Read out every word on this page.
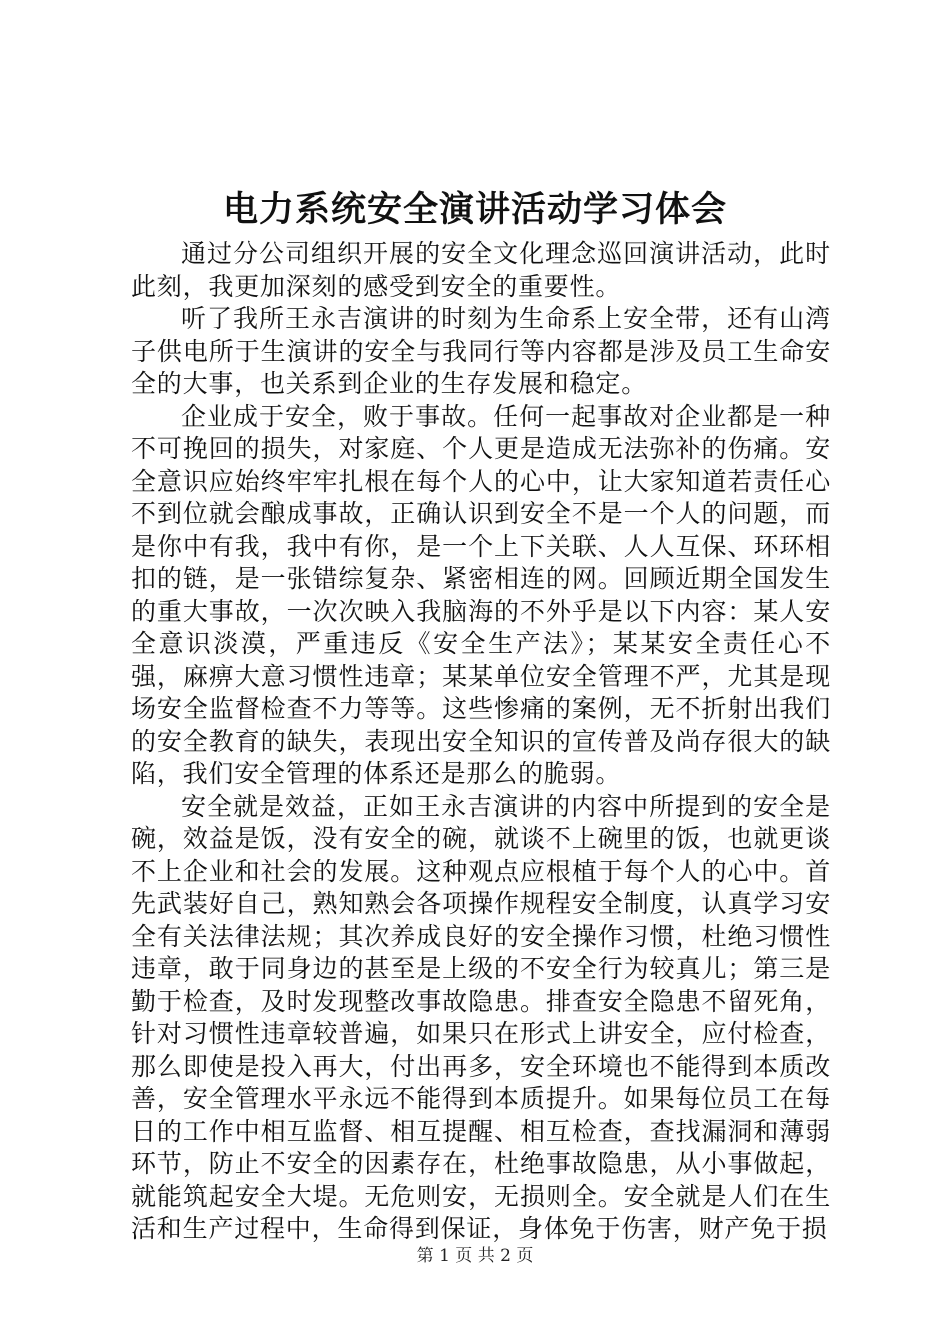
电力系统安全演讲活动学习体会

通过分公司组织开展的安全文化理念巡回演讲活动，此时此刻，我更加深刻的感受到安全的重要性。

听了我所王永吉演讲的时刻为生命系上安全带，还有山湾子供电所于生演讲的安全与我同行等内容都是涉及员工生命安全的大事，也关系到企业的生存发展和稳定。

企业成于安全，败于事故。任何一起事故对企业都是一种不可挽回的损失，对家庭、个人更是造成无法弥补的伤痛。安全意识应始终牢牢扎根在每个人的心中，让大家知道若责任心不到位就会酿成事故，正确认识到安全不是一个人的问题，而是你中有我，我中有你，是一个上下关联、人人互保、环环相扣的链，是一张错综复杂、紧密相连的网。回顾近期全国发生的重大事故，一次次映入我脑海的不外乎是以下内容：某人安全意识淡漠，严重违反《安全生产法》；某某安全责任心不强，麻痹大意习惯性违章；某某单位安全管理不严，尤其是现场安全监督检查不力等等。这些惨痛的案例，无不折射出我们的安全教育的缺失，表现出安全知识的宣传普及尚存很大的缺陷，我们安全管理的体系还是那么的脆弱。

安全就是效益，正如王永吉演讲的内容中所提到的安全是碗，效益是饭，没有安全的碗，就谈不上碗里的饭，也就更谈不上企业和社会的发展。这种观点应根植于每个人的心中。首先武装好自己，熟知熟会各项操作规程安全制度，认真学习安全有关法律法规；其次养成良好的安全操作习惯，杜绝习惯性违章，敢于同身边的甚至是上级的不安全行为较真儿；第三是勤于检查，及时发现整改事故隐患。排查安全隐患不留死角，针对习惯性违章较普遍，如果只在形式上讲安全，应付检查，那么即使是投入再大，付出再多，安全环境也不能得到本质改善，安全管理水平永远不能得到本质提升。如果每位员工在每日的工作中相互监督、相互提醒、相互检查，查找漏洞和薄弱环节，防止不安全的因素存在，杜绝事故隐患，从小事做起，就能筑起安全大堤。无危则安，无损则全。安全就是人们在生活和生产过程中，生命得到保证，身体免于伤害，财产免于损

第 1 页 共 2 页
